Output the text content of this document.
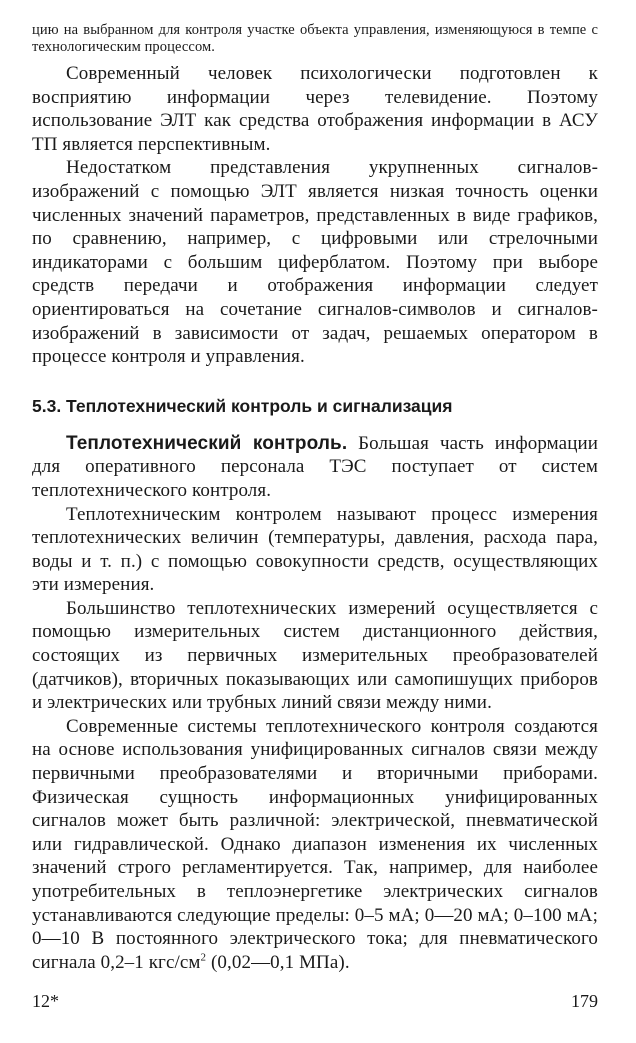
цию на выбранном для контроля участке объекта управления, изменяющуюся в темпе с технологическим процессом.

Современный человек психологически подготовлен к восприятию информации через телевидение. Поэтому использование ЭЛТ как средства отображения информации в АСУ ТП является перспективным.

Недостатком представления укрупненных сигналов-изображений с помощью ЭЛТ является низкая точность оценки численных значений параметров, представленных в виде графиков, по сравнению, например, с цифровыми или стрелочными индикаторами с большим циферблатом. Поэтому при выборе средств передачи и отображения информации следует ориентироваться на сочетание сигналов-символов и сигналов-изображений в зависимости от задач, решаемых оператором в процессе контроля и управления.

5.3. Теплотехнический контроль и сигнализация

Теплотехнический контроль. Большая часть информации для оперативного персонала ТЭС поступает от систем теплотехнического контроля.

Теплотехническим контролем называют процесс измерения теплотехнических величин (температуры, давления, расхода пара, воды и т. п.) с помощью совокупности средств, осуществляющих эти измерения.

Большинство теплотехнических измерений осуществляется с помощью измерительных систем дистанционного действия, состоящих из первичных измерительных преобразователей (датчиков), вторичных показывающих или самопишущих приборов и электрических или трубных линий связи между ними.

Современные системы теплотехнического контроля создаются на основе использования унифицированных сигналов связи между первичными преобразователями и вторичными приборами. Физическая сущность информационных унифицированных сигналов может быть различной: электрической, пневматической или гидравлической. Однако диапазон изменения их численных значений строго регламентируется. Так, например, для наиболее употребительных в теплоэнергетике электрических сигналов устанавливаются следующие пределы: 0–5 мА; 0—20 мА; 0–100 мА; 0—10 В постоянного электрического тока; для пневматического сигнала 0,2–1 кгс/$см^2$ (0,02—0,1 МПа).

12*	179
